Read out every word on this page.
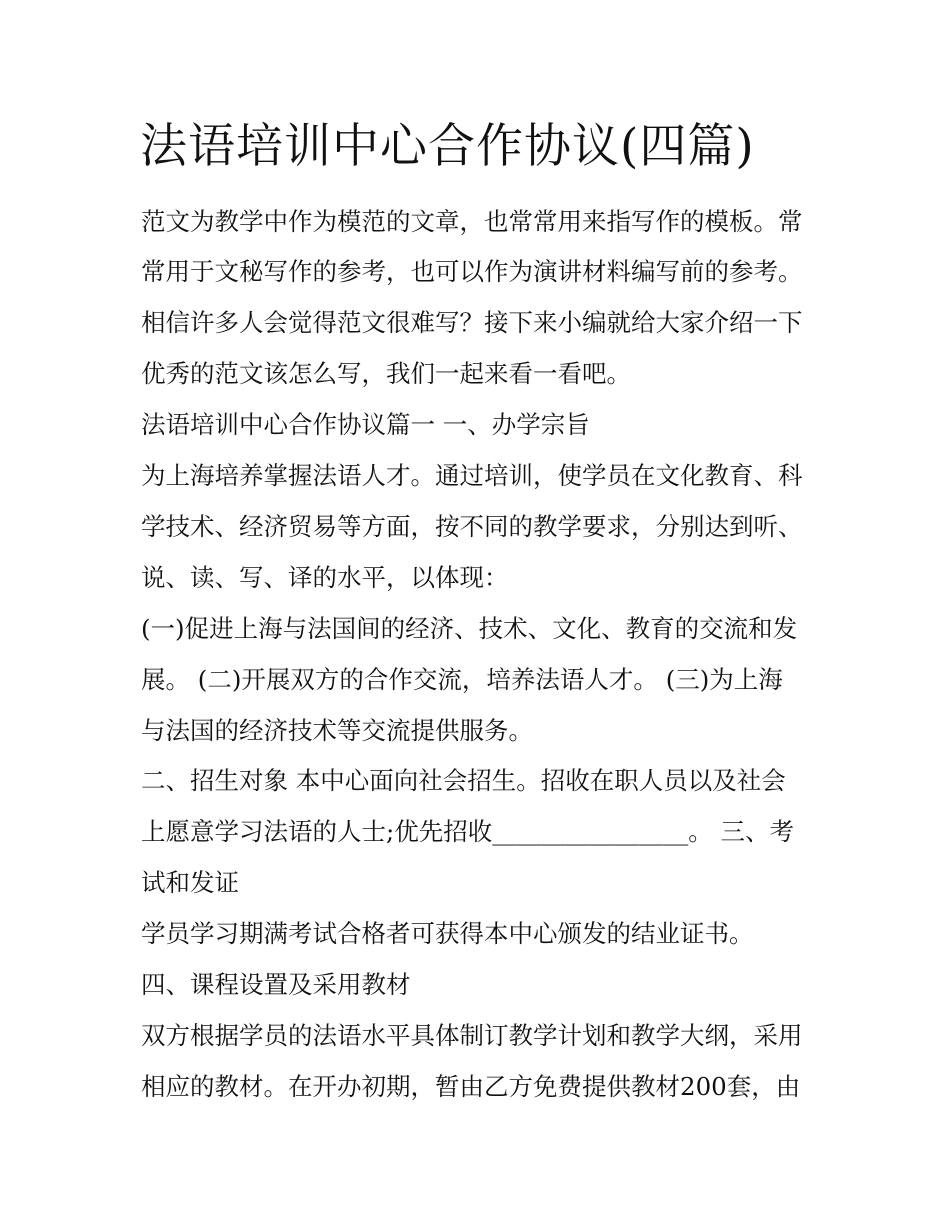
法语培训中心合作协议(四篇)

范文为教学中作为模范的文章，也常常用来指写作的模板。常

常用于文秘写作的参考，也可以作为演讲材料编写前的参考。

相信许多人会觉得范文很难写？接下来小编就给大家介绍一下

优秀的范文该怎么写，我们一起来看一看吧。

法语培训中心合作协议篇一 一、办学宗旨

为上海培养掌握法语人才。通过培训，使学员在文化教育、科

学技术、经济贸易等方面，按不同的教学要求，分别达到听、

说、读、写、译的水平，以体现：

(一)促进上海与法国间的经济、技术、文化、教育的交流和发

展。 (二)开展双方的合作交流，培养法语人才。 (三)为上海

与法国的经济技术等交流提供服务。

二、招生对象 本中心面向社会招生。招收在职人员以及社会

上愿意学习法语的人士;优先招收________________。 三、考

试和发证

学员学习期满考试合格者可获得本中心颁发的结业证书。

四、课程设置及采用教材

双方根据学员的法语水平具体制订教学计划和教学大纲，采用

相应的教材。在开办初期，暂由乙方免费提供教材200套，由
